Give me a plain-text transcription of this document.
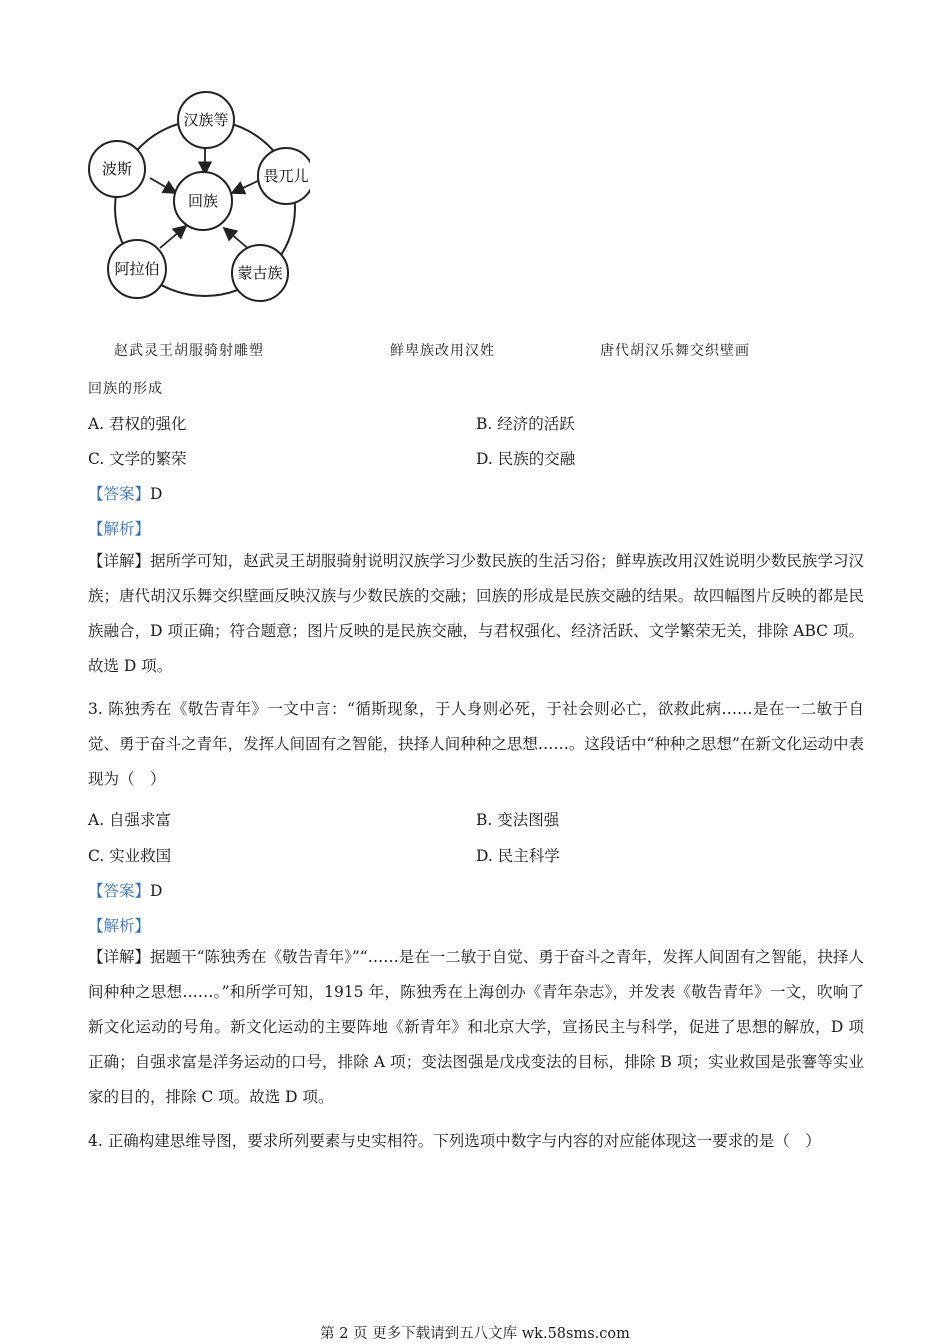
回族
汉族等
畏兀儿
蒙古族
阿拉伯
波斯
赵武灵王胡服骑射雕塑	鲜卑族改用汉姓	唐代胡汉乐舞交织壁画
回族的形成
A. 君权的强化	B. 经济的活跃
C. 文学的繁荣	D. 民族的交融
【答案】D
【解析】
【详解】据所学可知，赵武灵王胡服骑射说明汉族学习少数民族的生活习俗；鲜卑族改用汉姓说明少数民族学习汉族；唐代胡汉乐舞交织壁画反映汉族与少数民族的交融；回族的形成是民族交融的结果。故四幅图片反映的都是民族融合，D 项正确；符合题意；图片反映的是民族交融，与君权强化、经济活跃、文学繁荣无关，排除 ABC 项。故选 D 项。
3. 陈独秀在《敬告青年》一文中言：“循斯现象，于人身则必死，于社会则必亡，欲救此病……是在一二敏于自觉、勇于奋斗之青年，发挥人间固有之智能，抉择人间种种之思想……。这段话中“种种之思想”在新文化运动中表现为（　）
A. 自强求富	B. 变法图强
C. 实业救国	D. 民主科学
【答案】D
【解析】
【详解】据题干“陈独秀在《敬告青年》”“……是在一二敏于自觉、勇于奋斗之青年，发挥人间固有之智能，抉择人间种种之思想……。”和所学可知，1915 年，陈独秀在上海创办《青年杂志》，并发表《敬告青年》一文，吹响了新文化运动的号角。新文化运动的主要阵地《新青年》和北京大学，宣扬民主与科学，促进了思想的解放，D 项正确；自强求富是洋务运动的口号，排除 A 项；变法图强是戊戌变法的目标，排除 B 项；实业救国是张謇等实业家的目的，排除 C 项。故选 D 项。
4. 正确构建思维导图，要求所列要素与史实相符。下列选项中数字与内容的对应能体现这一要求的是（　）
第 2 页 更多下载请到五八文库 wk.58sms.com
